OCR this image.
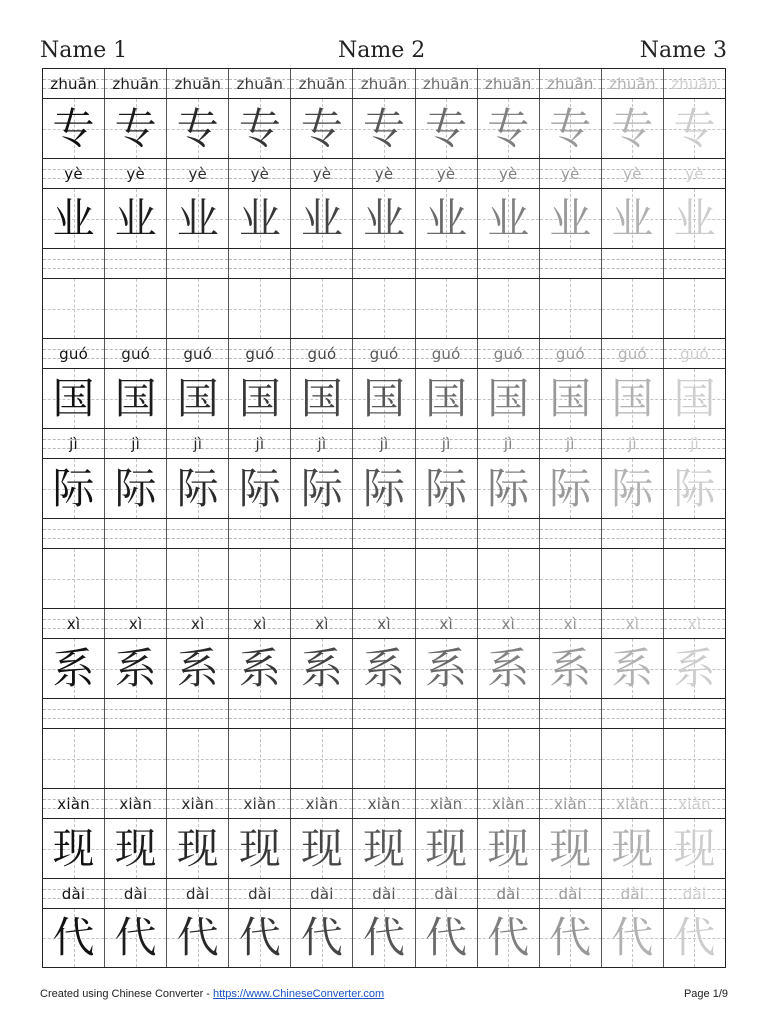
Name 1	Name 2	Name 3
zhuān zhuān zhuān zhuān zhuān zhuān zhuān zhuān zhuān zhuān zhuān
专 专 专 专 专 专 专 专 专 专 专
yè	yè	yè	yè	yè	yè	yè	yè	yè	yè	yè
业 业 业 业 业 业 业 业 业 业 业
guó guó guó guó guó guó guó guó guó guó guó
国 国 国 国 国 国 国 国 国 国 国
jì	jì	jì	jì	jì	jì	jì	jì	jì	jì	jì
际 际 际 际 际 际 际 际 际 际 际
xì	xì	xì	xì	xì	xì	xì	xì	xì	xì	xì
系 系 系 系 系 系 系 系 系 系 系
xiàn xiàn xiàn xiàn xiàn xiàn xiàn xiàn xiàn xiàn xiàn
现 现 现 现 现 现 现 现 现 现 现
dài	dài	dài	dài	dài	dài	dài	dài	dài	dài	dài
代 代 代 代 代 代 代 代 代 代 代
Created using Chinese Converter - https://www.ChineseConverter.com	Page 1/9
